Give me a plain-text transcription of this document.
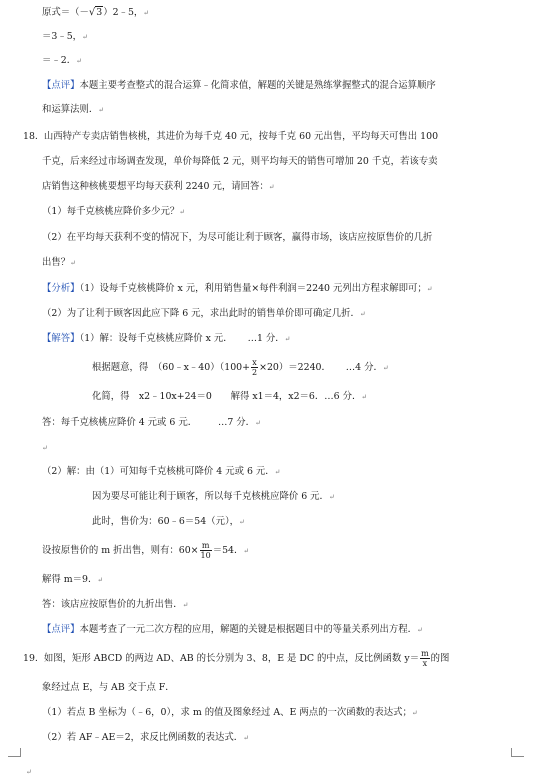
原式＝（－√3）2﹣5，↵
＝3﹣5，↵
＝﹣2．↵
【点评】本题主要考查整式的混合运算﹣化简求值，解题的关键是熟练掌握整式的混合运算顺序
和运算法则．↵
18. 山西特产专卖店销售核桃，其进价为每千克 40 元，按每千克 60 元出售，平均每天可售出 100
千克，后来经过市场调查发现，单价每降低 2 元，则平均每天的销售可增加 20 千克，若该专卖
店销售这种核桃要想平均每天获利 2240 元，请回答：↵
（1）每千克核桃应降价多少元？↵
（2）在平均每天获利不变的情况下，为尽可能让利于顾客，赢得市场，该店应按原售价的几折
出售？↵
【分析】（1）设每千克核桃降价 x 元，利用销售量×每件利润＝2240 元列出方程求解即可；↵
（2）为了让利于顾客因此应下降 6 元，求出此时的销售单价即可确定几折．↵
【解答】（1）解：设每千克核桃应降价 x 元． …1 分．↵
根据题意，得　（60﹣x﹣40）（100+ $\frac{x}{2} \times 20)=2240$． …4 分．↵
化简，得　x2﹣10x+24＝0　　解得 x1＝4，x2＝6．…6 分．↵
答：每千克核桃应降价 4 元或 6 元． …7 分．↵
↵
（2）解：由（1）可知每千克核桃可降价 4 元或 6 元．↵
因为要尽可能让利于顾客，所以每千克核桃应降价 6 元．↵
此时，售价为：60﹣6＝54（元），↵
设按原售价的 m 折出售，则有：$60\times \frac{m}{10} =54$．↵
解得 m＝9．↵
答：该店应按原售价的九折出售．↵
【点评】本题考查了一元二次方程的应用，解题的关键是根据题目中的等量关系列出方程．↵
19. 如图，矩形 ABCD 的两边 AD、AB 的长分别为 3、8，E 是 DC 的中点，反比例函数 $y= \frac{m}{x}$ 的图
象经过点 E，与 AB 交于点 F．
（1）若点 B 坐标为（﹣6，0），求 m 的值及图象经过 A、E 两点的一次函数的表达式；↵
（2）若 AF﹣AE＝2，求反比例函数的表达式．↵
↵
